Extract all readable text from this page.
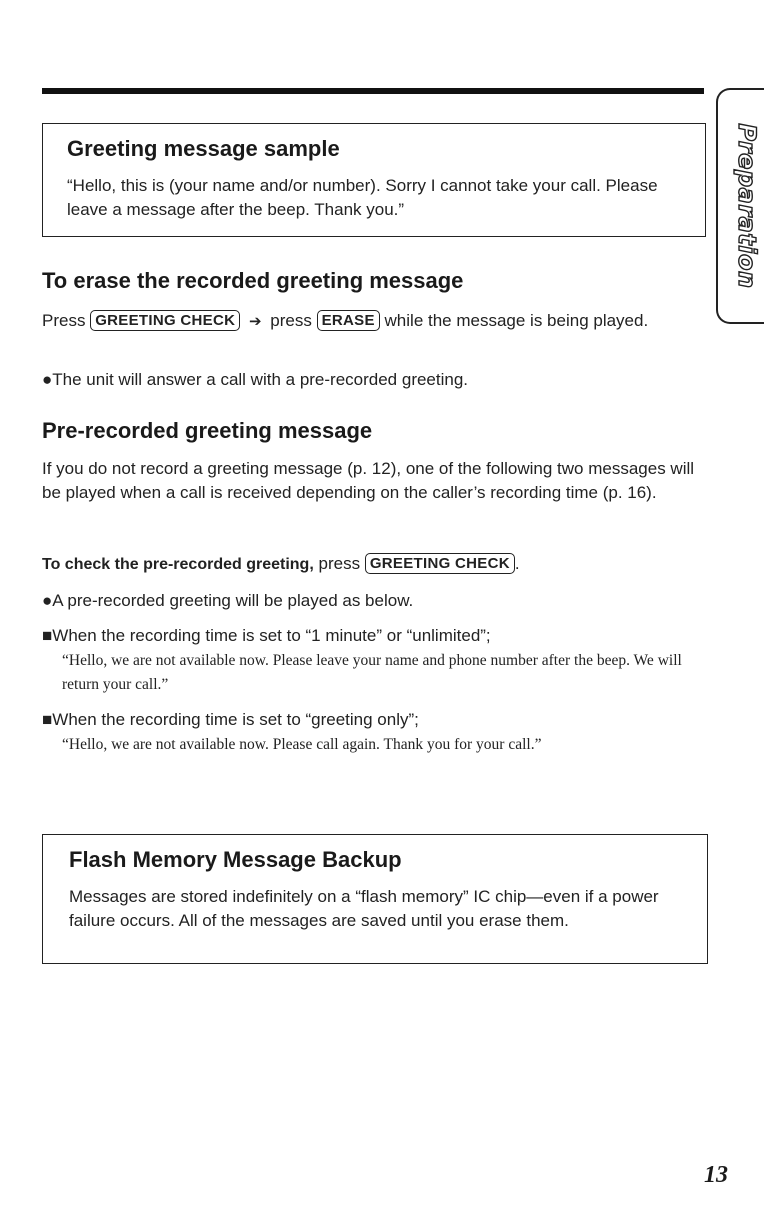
Preparation

Greeting message sample

“Hello, this is (your name and/or number). Sorry I cannot take your call. Please leave a message after the beep. Thank you.”

To erase the recorded greeting message

Press GREETING CHECK ➔ press ERASE while the message is being played.

●The unit will answer a call with a pre-recorded greeting.

Pre-recorded greeting message

If you do not record a greeting message (p. 12), one of the following two messages will be played when a call is received depending on the caller’s recording time (p. 16).

To check the pre-recorded greeting, press GREETING CHECK .

●A pre-recorded greeting will be played as below.

■When the recording time is set to “1 minute” or “unlimited”;

“Hello, we are not available now. Please leave your name and phone number after the beep. We will return your call.”

■When the recording time is set to “greeting only”;

“Hello, we are not available now. Please call again. Thank you for your call.”

Flash Memory Message Backup

Messages are stored indefinitely on a “flash memory” IC chip—even if a power failure occurs. All of the messages are saved until you erase them.

13
